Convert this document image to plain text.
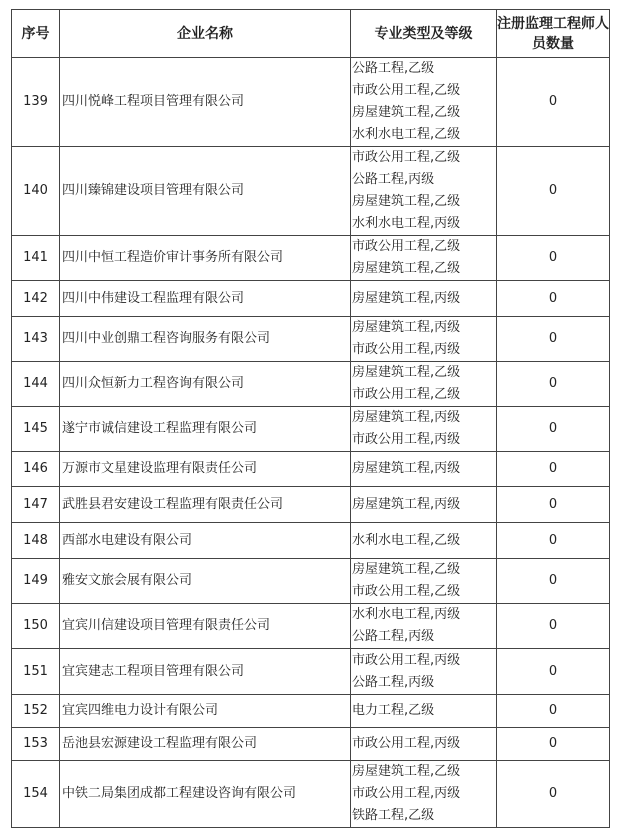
序号	企业名称	专业类型及等级	注册监理工程师人员数量
139	四川悦峰工程项目管理有限公司	公路工程,乙级
市政公用工程,乙级
房屋建筑工程,乙级
水利水电工程,乙级	0
140	四川臻锦建设项目管理有限公司	市政公用工程,乙级
公路工程,丙级
房屋建筑工程,乙级
水利水电工程,丙级	0
141	四川中恒工程造价审计事务所有限公司	市政公用工程,乙级
房屋建筑工程,乙级	0
142	四川中伟建设工程监理有限公司	房屋建筑工程,丙级	0
143	四川中业创鼎工程咨询服务有限公司	房屋建筑工程,丙级
市政公用工程,丙级	0
144	四川众恒新力工程咨询有限公司	房屋建筑工程,乙级
市政公用工程,乙级	0
145	遂宁市诚信建设工程监理有限公司	房屋建筑工程,丙级
市政公用工程,丙级	0
146	万源市文星建设监理有限责任公司	房屋建筑工程,丙级	0
147	武胜县君安建设工程监理有限责任公司	房屋建筑工程,丙级	0
148	西部水电建设有限公司	水利水电工程,乙级	0
149	雅安文旅会展有限公司	房屋建筑工程,乙级
市政公用工程,乙级	0
150	宜宾川信建设项目管理有限责任公司	水利水电工程,丙级
公路工程,丙级	0
151	宜宾建志工程项目管理有限公司	市政公用工程,丙级
公路工程,丙级	0
152	宜宾四维电力设计有限公司	电力工程,乙级	0
153	岳池县宏源建设工程监理有限公司	市政公用工程,丙级	0
154	中铁二局集团成都工程建设咨询有限公司	房屋建筑工程,乙级
市政公用工程,丙级
铁路工程,乙级	0
